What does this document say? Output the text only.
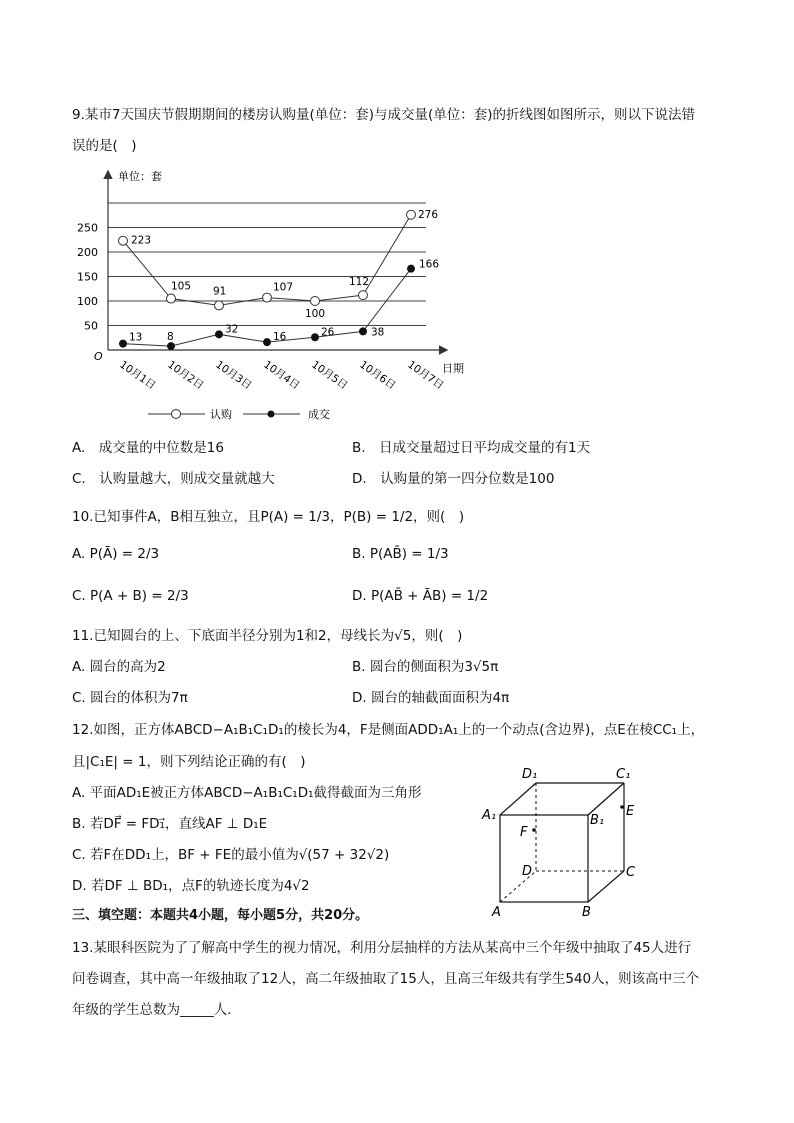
9.某市7天国庆节假期期间的楼房认购量(单位：套)与成交量(单位：套)的折线图如图所示，则以下说法错
误的是(　)
单位：套
O
日期
50
100
150
200
250
10月1日 10月2日 10月3日 10月4日 10月5日 10月6日 10月7日
223
105 91	107
100
112
276
13 8
32
16	26	38
166
认购	成交
A.　成交量的中位数是16	B.　日成交量超过日平均成交量的有1天
C.　认购量越大，则成交量就越大	D.　认购量的第一四分位数是100
10.已知事件A，B相互独立，且P(A) = 1/3，P(B) = 1/2，则(　)
A. P(Ā) = 2/3	B. P(AB̄) = 1/3
C. P(A + B) = 2/3	D. P(AB̄ + ĀB) = 1/2
11.已知圆台的上、下底面半径分别为1和2，母线长为√5，则(　)
A. 圆台的高为2	B. 圆台的侧面积为3√5π
C. 圆台的体积为7π	D. 圆台的轴截面面积为4π
12.如图，正方体ABCD−A₁B₁C₁D₁的棱长为4，F是侧面ADD₁A₁上的一个动点(含边界)，点E在棱CC₁上，
且|C₁E| = 1，则下列结论正确的有(　)
A. 平面AD₁E被正方体ABCD−A₁B₁C₁D₁截得截面为三角形
B. 若DF⃗ = FD₁⃗，直线AF ⊥ D₁E
C. 若F在DD₁上，BF + FE的最小值为√(57 + 32√2)
D. 若DF ⊥ BD₁，点F的轨迹长度为4√2
D₁	C₁
A₁	B₁
E
F
D	C
A	B
三、填空题：本题共4小题，每小题5分，共20分。
13.某眼科医院为了了解高中学生的视力情况，利用分层抽样的方法从某高中三个年级中抽取了45人进行
问卷调查，其中高一年级抽取了12人，高二年级抽取了15人，且高三年级共有学生540人，则该高中三个
年级的学生总数为_____人．
